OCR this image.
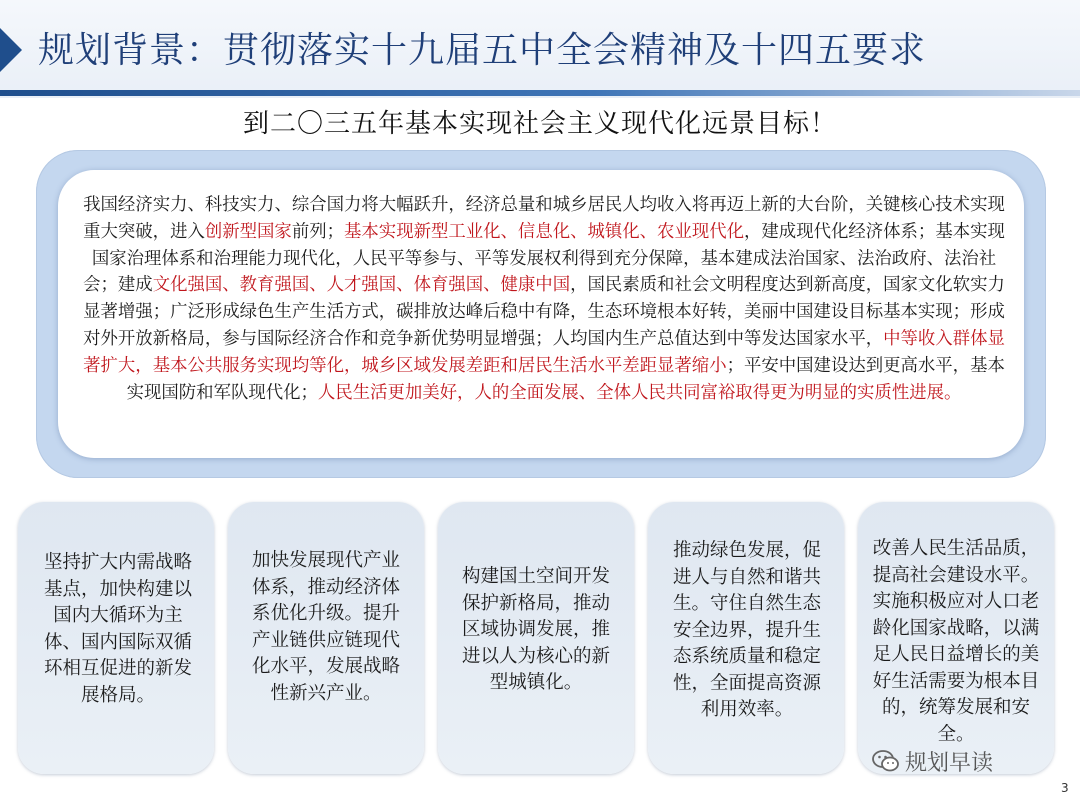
规划背景：贯彻落实十九届五中全会精神及十四五要求
到二〇三五年基本实现社会主义现代化远景目标！
我国经济实力、科技实力、综合国力将大幅跃升，经济总量和城乡居民人均收入将再迈上新的大台阶，关键核心技术实现重大突破，进入创新型国家前列；基本实现新型工业化、信息化、城镇化、农业现代化，建成现代化经济体系；基本实现国家治理体系和治理能力现代化，人民平等参与、平等发展权利得到充分保障，基本建成法治国家、法治政府、法治社会；建成文化强国、教育强国、人才强国、体育强国、健康中国，国民素质和社会文明程度达到新高度，国家文化软实力显著增强；广泛形成绿色生产生活方式，碳排放达峰后稳中有降，生态环境根本好转，美丽中国建设目标基本实现；形成对外开放新格局，参与国际经济合作和竞争新优势明显增强；人均国内生产总值达到中等发达国家水平，中等收入群体显著扩大，基本公共服务实现均等化，城乡区域发展差距和居民生活水平差距显著缩小；平安中国建设达到更高水平，基本实现国防和军队现代化；人民生活更加美好，人的全面发展、全体人民共同富裕取得更为明显的实质性进展。
坚持扩大内需战略基点，加快构建以国内大循环为主体、国内国际双循环相互促进的新发展格局。
加快发展现代产业体系，推动经济体系优化升级。提升产业链供应链现代化水平，发展战略性新兴产业。
构建国土空间开发保护新格局，推动区域协调发展，推进以人为核心的新型城镇化。
推动绿色发展，促进人与自然和谐共生。守住自然生态安全边界，提升生态系统质量和稳定性，全面提高资源利用效率。
改善人民生活品质，提高社会建设水平。实施积极应对人口老龄化国家战略，以满足人民日益增长的美好生活需要为根本目的，统筹发展和安全。
规划早读
3
